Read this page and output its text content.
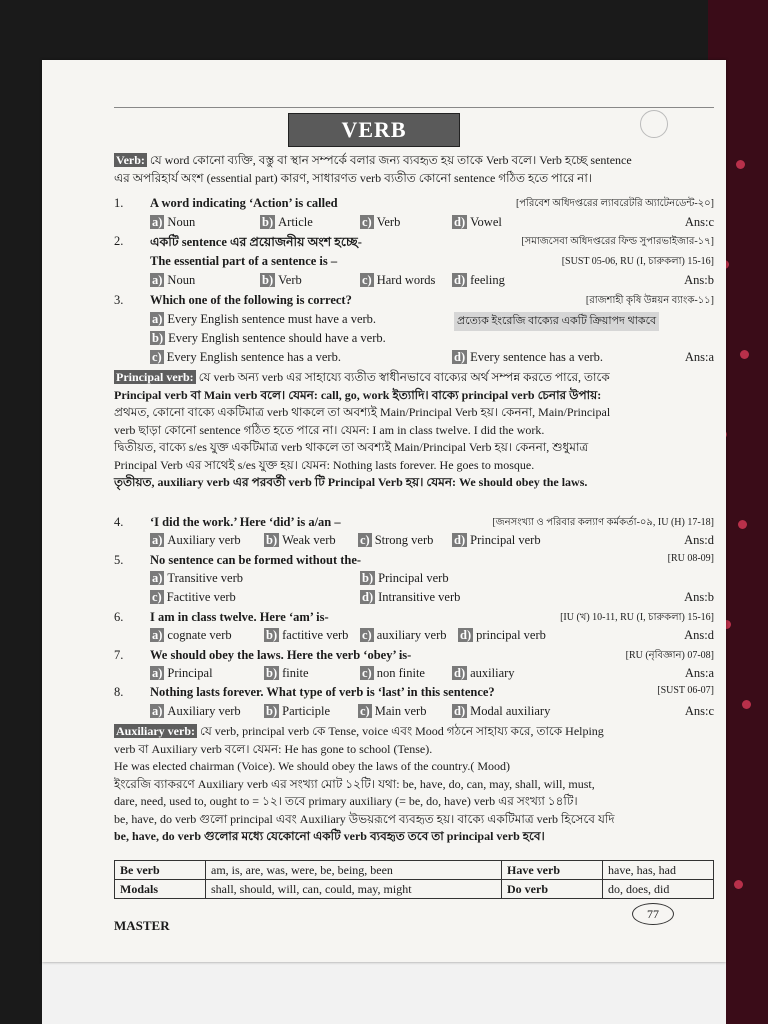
VERB
Verb: যে word কোনো ব্যক্তি, বস্তু বা স্থান সম্পর্কে বলার জন্য ব্যবহৃত হয় তাকে Verb বলে। Verb হচ্ছে sentence
এর অপরিহার্য অংশ (essential part) কারণ, সাধারণত verb ব্যতীত কোনো sentence গঠিত হতে পারে না।
1.	A word indicating ‘Action’ is called	[পরিবেশ অধিদপ্তরের ল্যাবরেটরি অ্যাটেনডেন্ট-২০]
a) Noun	b) Article	c) Verb	d) Vowel	Ans:c
2.	একটি sentence এর প্রয়োজনীয় অংশ হচ্ছে-	[সমাজসেবা অধিদপ্তরের ফিল্ড সুপারভাইজার-১৭]
The essential part of a sentence is –	[SUST 05-06, RU (I, চারুকলা) 15-16]
a) Noun	b) Verb	c) Hard words d) feeling	Ans:b
3.	Which one of the following is correct?	[রাজশাহী কৃষি উন্নয়ন ব্যাংক-১১]
a) Every English sentence must have a verb.	প্রত্যেক ইংরেজি বাক্যের একটি ক্রিয়াপদ থাকবে
b) Every English sentence should have a verb.
c) Every English sentence has a verb.	d) Every sentence has a verb.	Ans:a
Principal verb: যে verb অন্য verb এর সাহায্যে ব্যতীত স্বাধীনভাবে বাক্যের অর্থ সম্পন্ন করতে পারে, তাকে
Principal verb বা Main verb বলে। যেমন: call, go, work ইত্যাদি। বাক্যে principal verb চেনার উপায়:
প্রথমত, কোনো বাক্যে একটিমাত্র verb থাকলে তা অবশ্যই Main/Principal Verb হয়। কেননা, Main/Principal
verb ছাড়া কোনো sentence গঠিত হতে পারে না। যেমন: I am in class twelve. I did the work.
দ্বিতীয়ত, বাক্যে s/es যুক্ত একটিমাত্র verb থাকলে তা অবশ্যই Main/Principal Verb হয়। কেননা, শুধুমাত্র
Principal Verb এর সাথেই s/es যুক্ত হয়। যেমন: Nothing lasts forever. He goes to mosque.
তৃতীয়ত, auxiliary verb এর পরবর্তী verb টি Principal Verb হয়। যেমন: We should obey the laws.
4.	‘I did the work.’ Here ‘did’ is a/an –	[জনসংখ্যা ও পরিবার কল্যাণ কর্মকর্তা-০৯, IU (H) 17-18]
a) Auxiliary verb b) Weak verb c) Strong verb d) Principal verb	Ans:d
5.	No sentence can be formed without the-	[RU 08-09]
a) Transitive verb	b) Principal verb
c) Factitive verb	d) Intransitive verb	Ans:b
6.	I am in class twelve. Here ‘am’ is-	[IU (খ) 10-11, RU (I, চারুকলা) 15-16]
a) cognate verb	b) factitive verb c) auxiliary verb d) principal verb	Ans:d
7.	We should obey the laws. Here the verb ‘obey’ is-	[RU (নৃবিজ্ঞান) 07-08]
a) Principal	b) finite	c) non finite d) auxiliary	Ans:a
8.	Nothing lasts forever. What type of verb is ‘last’ in this sentence?	[SUST 06-07]
a) Auxiliary verb b) Participle c) Main verb d) Modal auxiliary	Ans:c
Auxiliary verb: যে verb, principal verb কে Tense, voice এবং Mood গঠনে সাহায্য করে, তাকে Helping
verb বা Auxiliary verb বলে। যেমন: He has gone to school (Tense).
He was elected chairman (Voice). We should obey the laws of the country.( Mood)
ইংরেজি ব্যাকরণে Auxiliary verb এর সংখ্যা মোট ১২টি। যথা: be, have, do, can, may, shall, will, must,
dare, need, used to, ought to = ১২। তবে primary auxiliary (= be, do, have) verb এর সংখ্যা ১৪টি।
be, have, do verb গুলো principal এবং Auxiliary উভয়রূপে ব্যবহৃত হয়। বাক্যে একটিমাত্র verb হিসেবে যদি
be, have, do verb গুলোর মধ্যে যেকোনো একটি verb ব্যবহৃত তবে তা principal verb হবে।
Be verb	am, is, are, was, were, be, being, been	Have verb	have, has, had
Modals	shall, should, will, can, could, may, might	Do verb	do, does, did
77
MASTER
